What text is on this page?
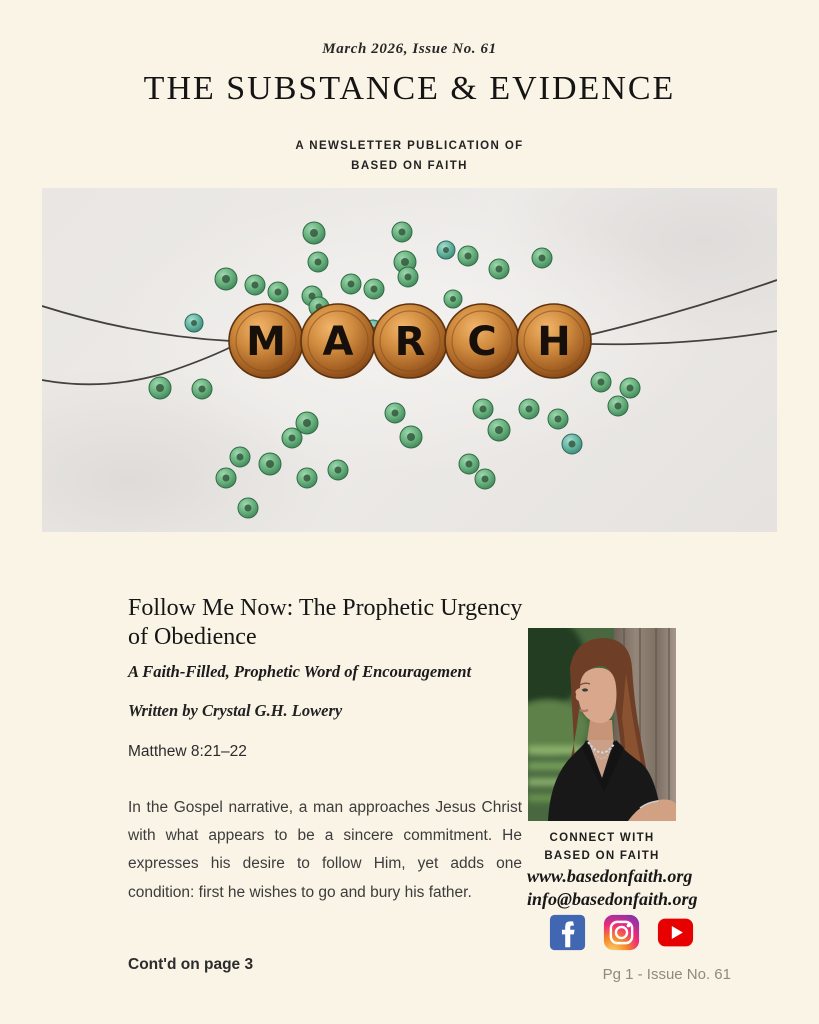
March 2026, Issue No. 61
THE SUBSTANCE & EVIDENCE
A NEWSLETTER PUBLICATION OF
BASED ON FAITH
M A R C H
Follow Me Now: The Prophetic Urgency of Obedience
A Faith-Filled, Prophetic Word of Encouragement
Written by Crystal G.H. Lowery
Matthew 8:21–22
In the Gospel narrative, a man approaches Jesus Christ with what appears to be a sincere commitment. He expresses his desire to follow Him, yet adds one condition: first he wishes to go and bury his father.
Cont'd on page 3
CONNECT WITH
BASED ON FAITH
www.basedonfaith.org
info@basedonfaith.org
Pg 1 - Issue No. 61
